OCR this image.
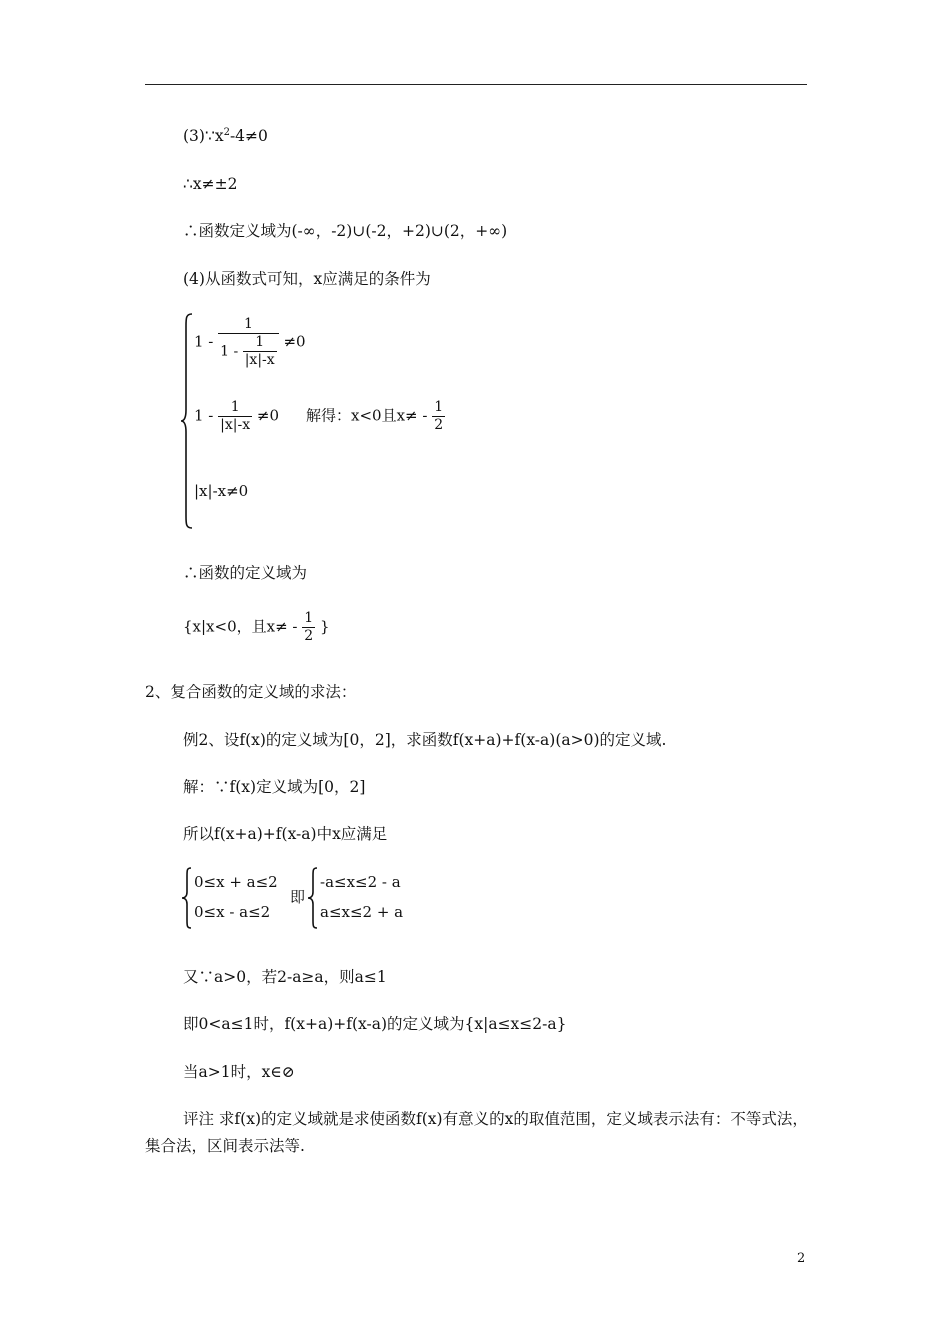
$(3)\because x^2-4\ne 0$
∴x≠±2
∴函数定义域为(-∞，-2)∪(-2，+2)∪(2，+∞)
(4)从函数式可知，x应满足的条件为
$1 - \frac{1}{1 - \frac{1}{|x|-x}} \ne 0$
$1 - \frac{1}{|x|-x} \ne 0$ 解得：x<0且$x\ne - \frac{1}{2}$
|x|-x≠0
∴函数的定义域为
{x|x<0，且$x\ne - \frac{1}{2}$ }
2、复合函数的定义域的求法：
例2、设f(x)的定义域为[0，2]，求函数f(x+a)+f(x-a)(a>0)的定义域.
解：∵f(x)定义域为[0，2]
所以f(x+a)+f(x-a)中x应满足
0≤x + a≤2
0≤x - a≤2
即
-a≤x≤2 - a
a≤x≤2 + a
又∵a>0，若2-a≥a，则a≤1
即0<a≤1时，f(x+a)+f(x-a)的定义域为{x|a≤x≤2-a}
当a>1时，x∈⊘
评注 求f(x)的定义域就是求使函数f(x)有意义的x的取值范围，定义域表示法有：不等式法，集合法，区间表示法等.
2
